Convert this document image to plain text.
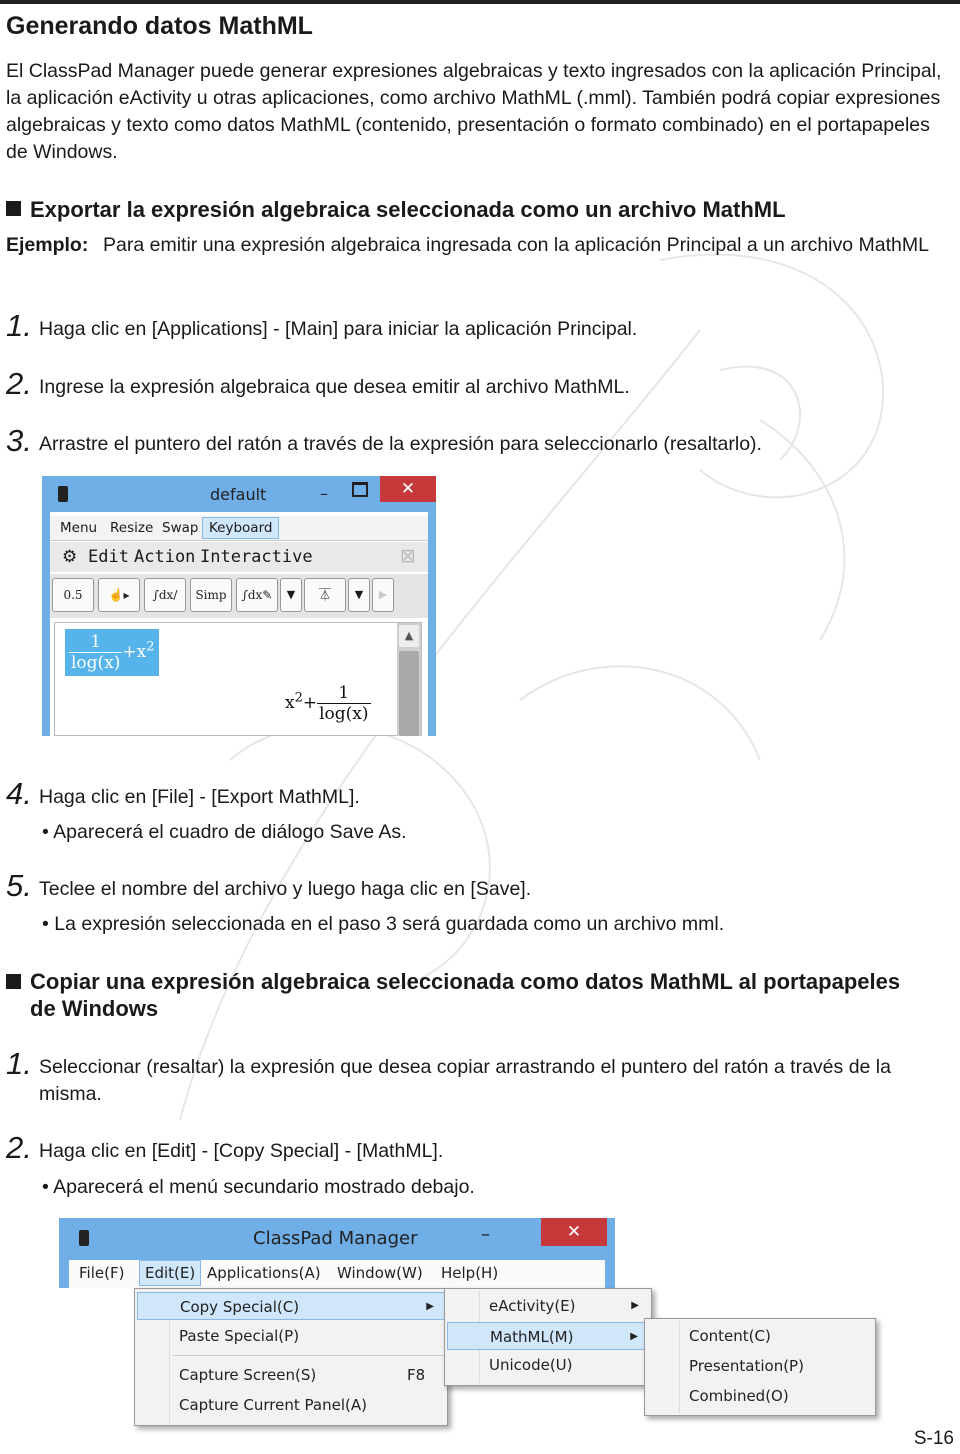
Generando datos MathML
El ClassPad Manager puede generar expresiones algebraicas y texto ingresados con la aplicación Principal, la aplicación eActivity u otras aplicaciones, como archivo MathML (.mml). También podrá copiar expresiones algebraicas y texto como datos MathML (contenido, presentación o formato combinado) en el portapapeles de Windows.
Exportar la expresión algebraica seleccionada como un archivo MathML
Ejemplo: Para emitir una expresión algebraica ingresada con la aplicación Principal a un archivo MathML
1. Haga clic en [Applications] - [Main] para iniciar la aplicación Principal.
2. Ingrese la expresión algebraica que desea emitir al archivo MathML.
3. Arrastre el puntero del ratón a través de la expresión para seleccionarlo (resaltarlo).
default	–	✕
Menu Resize Swap Keyboard
⚙ Edit Action Interactive	⊠
0.5	☝▸	∫dx/	Simp	∫dx✎	▼	⏄	▼	▶
$\frac{1}{\log(x)} +x^2$
$x^2+ \frac{1}{\log(x)}$
▲
4. Haga clic en [File] - [Export MathML].
• Aparecerá el cuadro de diálogo Save As.
5. Teclee el nombre del archivo y luego haga clic en [Save].
• La expresión seleccionada en el paso 3 será guardada como un archivo mml.
Copiar una expresión algebraica seleccionada como datos MathML al portapapeles de Windows
1. Seleccionar (resaltar) la expresión que desea copiar arrastrando el puntero del ratón a través de la misma.
2. Haga clic en [Edit] - [Copy Special] - [MathML].
• Aparecerá el menú secundario mostrado debajo.
ClassPad Manager	–	✕
File(F)	Edit(E) Applications(A) Window(W) Help(H)
Copy Special(C)	▶
Paste Special(P)
Capture Screen(S)	F8
Capture Current Panel(A)
eActivity(E)	▶
MathML(M)	▶
Unicode(U)
Content(C)
Presentation(P)
Combined(O)
S-16
